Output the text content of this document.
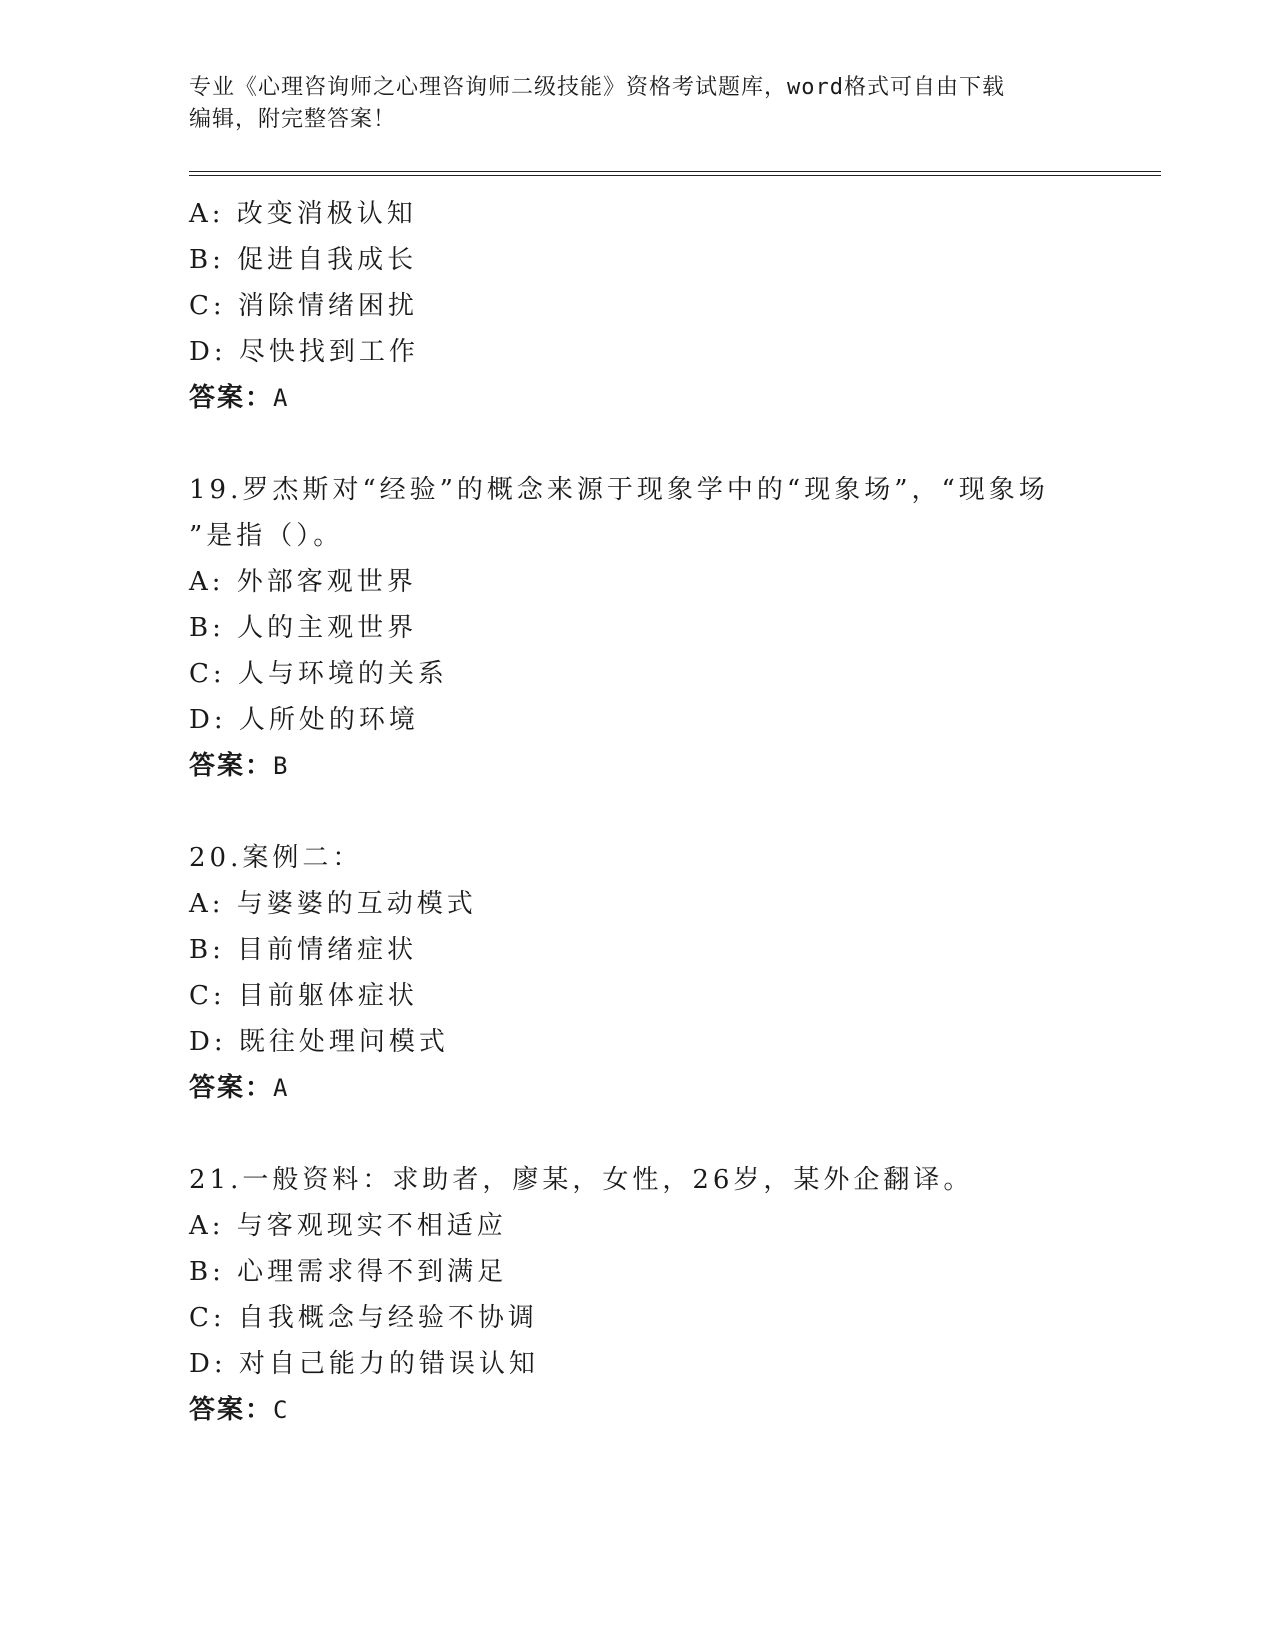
专业《心理咨询师之心理咨询师二级技能》资格考试题库，word格式可自由下载
编辑，附完整答案！
A: 改变消极认知
B: 促进自我成长
C: 消除情绪困扰
D: 尽快找到工作
答案：A
19.罗杰斯对“经验”的概念来源于现象学中的“现象场”，“现象场
”是指（）。
A: 外部客观世界
B: 人的主观世界
C: 人与环境的关系
D: 人所处的环境
答案：B
20.案例二：
A: 与婆婆的互动模式
B: 目前情绪症状
C: 目前躯体症状
D: 既往处理问模式
答案：A
21.一般资料：求助者，廖某，女性，26岁，某外企翻译。
A: 与客观现实不相适应
B: 心理需求得不到满足
C: 自我概念与经验不协调
D: 对自己能力的错误认知
答案：C
